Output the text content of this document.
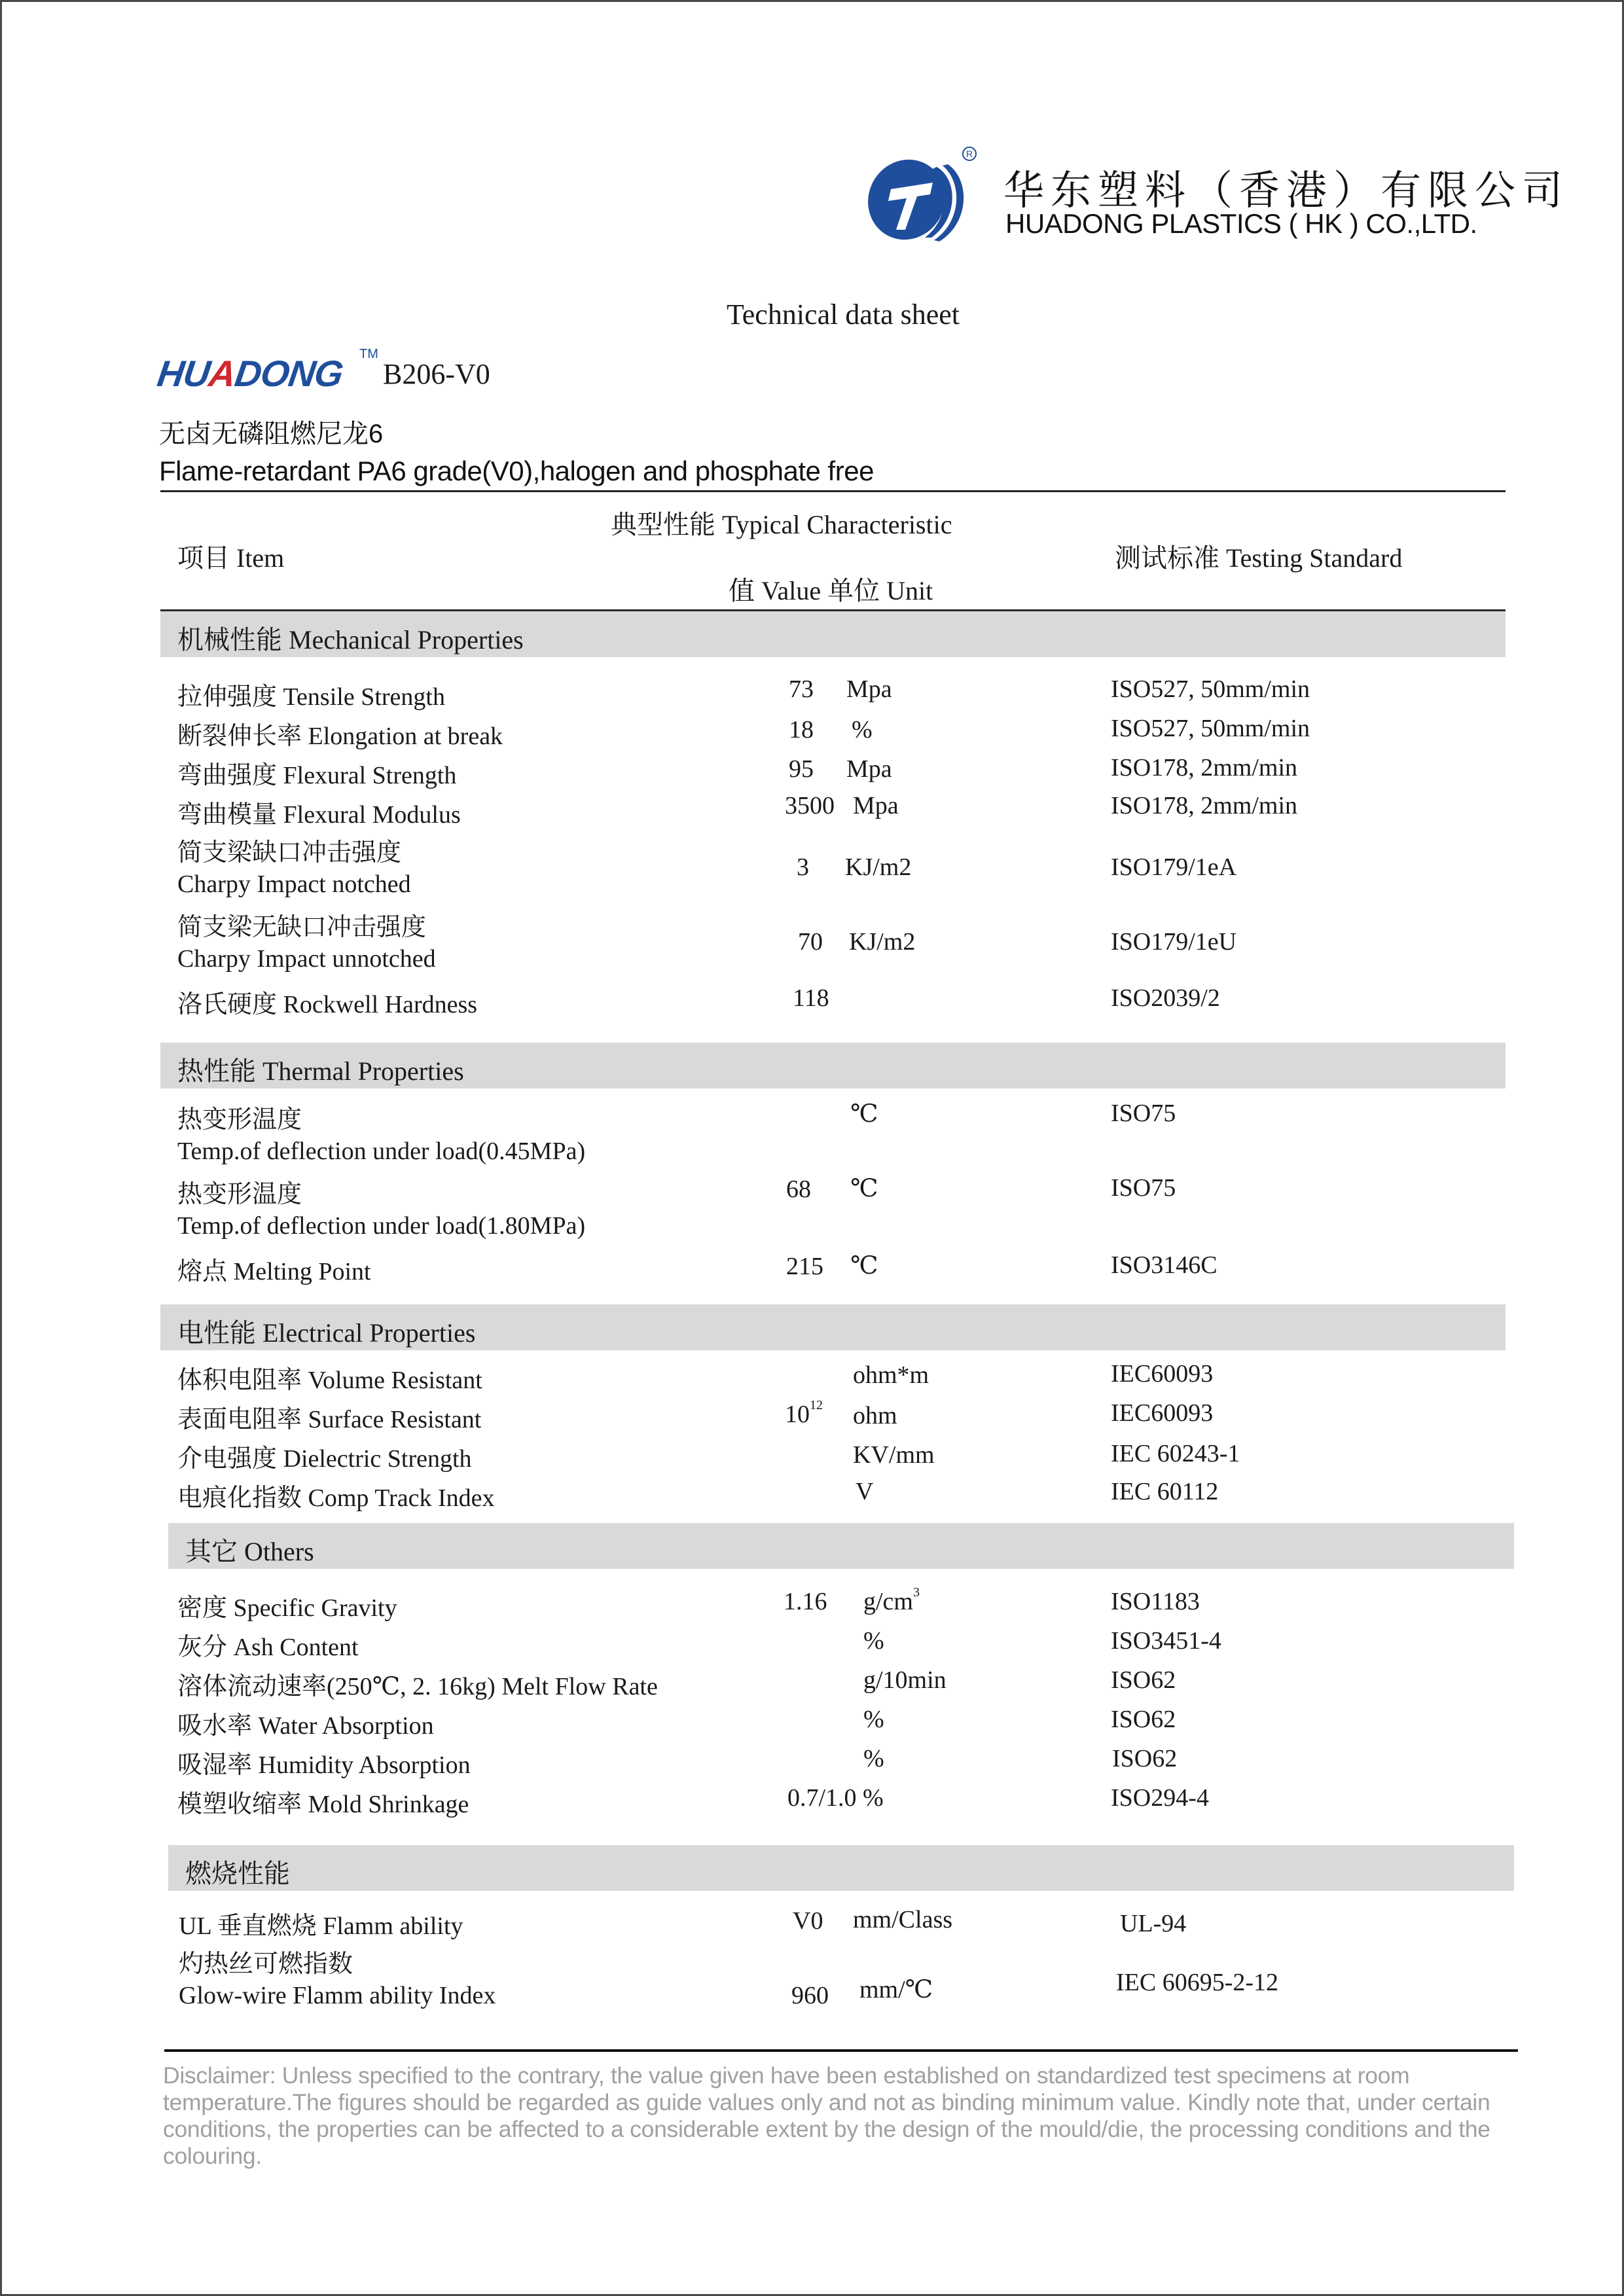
R
华东塑料（香港）有限公司
HUADONG PLASTICS ( HK ) CO.,LTD.
Technical data sheet
HUADONG TM
B206-V0
无卤无磷阻燃尼龙6
Flame-retardant PA6 grade(V0),halogen and phosphate free
项目 Item
典型性能 Typical Characteristic
值 Value 单位 Unit
测试标准 Testing Standard
机械性能 Mechanical Properties
拉伸强度 Tensile Strength	73 Mpa	ISO527, 50mm/min
断裂伸长率 Elongation at break	18 %	ISO527, 50mm/min
弯曲强度 Flexural Strength	95 Mpa	ISO178, 2mm/min
弯曲模量 Flexural Modulus	3500 Mpa	ISO178, 2mm/min
简支梁缺口冲击强度
Charpy Impact notched
3 KJ/m2	ISO179/1eA
简支梁无缺口冲击强度
Charpy Impact unnotched
70 KJ/m2	ISO179/1eU
洛氏硬度 Rockwell Hardness	118	ISO2039/2
热性能 Thermal Properties
热变形温度
Temp.of deflection under load(0.45MPa)
℃	ISO75
热变形温度
Temp.of deflection under load(1.80MPa)
68 ℃	ISO75
熔点 Melting Point	215 ℃	ISO3146C
电性能 Electrical Properties
体积电阻率 Volume Resistant	ohm*m	IEC60093
表面电阻率 Surface Resistant	$10^{12}$ ohm	IEC60093
介电强度 Dielectric Strength	KV/mm	IEC 60243-1
电痕化指数 Comp Track Index	V	IEC 60112
其它 Others
密度 Specific Gravity	1.16 $g/cm^3$	ISO1183
灰分 Ash Content	%	ISO3451-4
溶体流动速率(250℃, 2. 16kg) Melt Flow Rate	g/10min	ISO62
吸水率 Water Absorption	%	ISO62
吸湿率 Humidity Absorption	%	ISO62
模塑收缩率 Mold Shrinkage	0.7/1.0 %	ISO294-4
燃烧性能
UL 垂直燃烧 Flamm ability	V0 mm/Class	UL-94
灼热丝可燃指数
Glow-wire Flamm ability Index	960 mm/℃	IEC 60695-2-12
Disclaimer: Unless specified to the contrary, the value given have been established on standardized test specimens at room temperature.The figures should be regarded as guide values only and not as binding minimum value. Kindly note that, under certain conditions, the properties can be affected to a considerable extent by the design of the mould/die, the processing conditions and the colouring.
